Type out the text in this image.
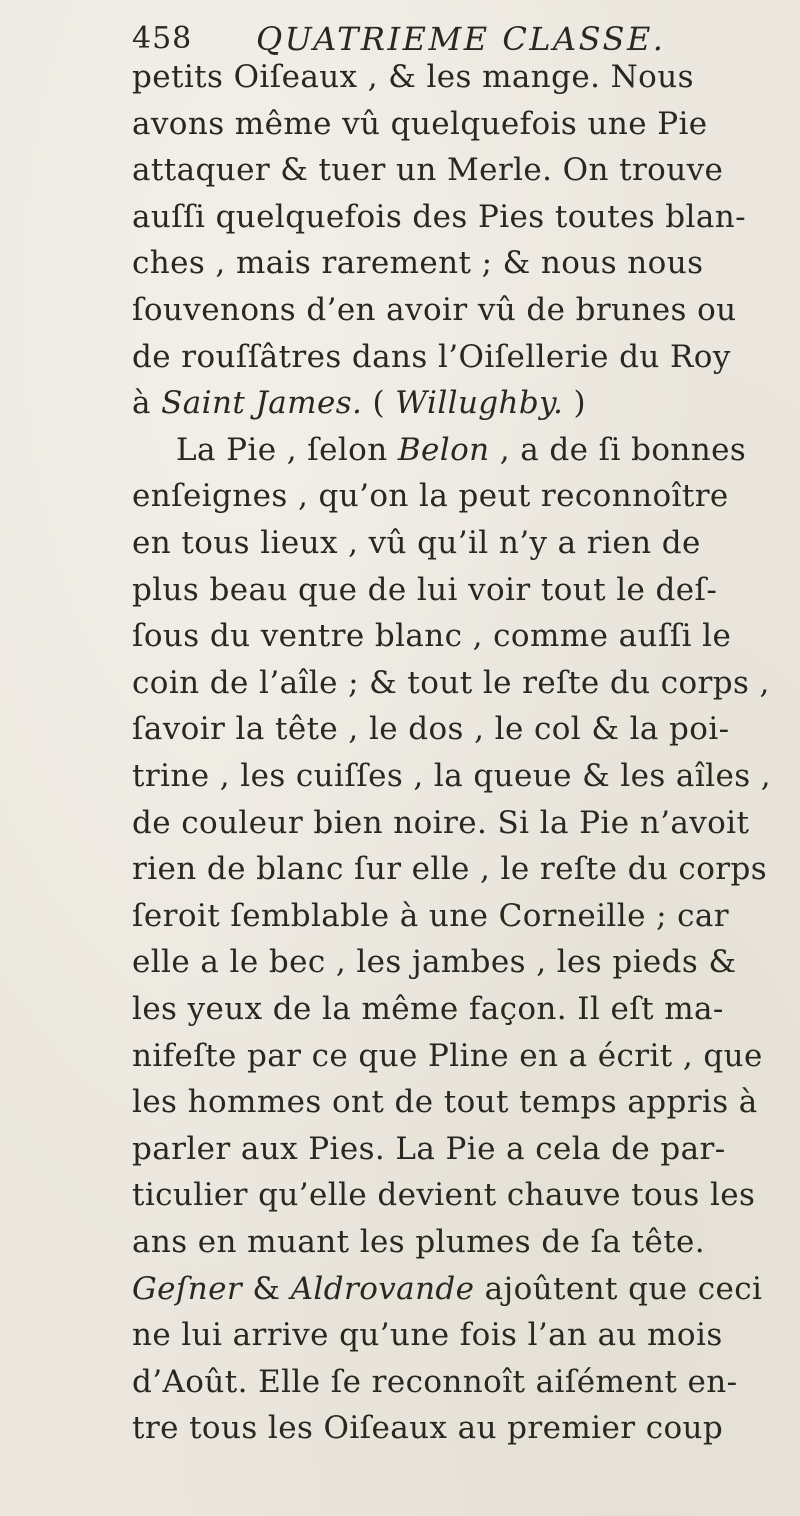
458 QUATRIEME CLASSE.
petits Oiſeaux , & les mange. Nous
avons même vû quelquefois une Pie
attaquer & tuer un Merle. On trouve
auſſi quelquefois des Pies toutes blan-
ches , mais rarement ; & nous nous
ſouvenons d’en avoir vû de brunes ou
de rouſſâtres dans l’Oiſellerie du Roy
à Saint James. ( Willughby. )
La Pie , ſelon Belon , a de ſi bonnes
enſeignes , qu’on la peut reconnoître
en tous lieux , vû qu’il n’y a rien de
plus beau que de lui voir tout le deſ-
ſous du ventre blanc , comme auſſi le
coin de l’aîle ; & tout le reſte du corps ,
ſavoir la tête , le dos , le col & la poi-
trine , les cuiſſes , la queue & les aîles ,
de couleur bien noire. Si la Pie n’avoit
rien de blanc ſur elle , le reſte du corps
ſeroit ſemblable à une Corneille ; car
elle a le bec , les jambes , les pieds &
les yeux de la même façon. Il eſt ma-
nifeſte par ce que Pline en a écrit , que
les hommes ont de tout temps appris à
parler aux Pies. La Pie a cela de par-
ticulier qu’elle devient chauve tous les
ans en muant les plumes de ſa tête.
Geſner & Aldrovande ajoûtent que ceci
ne lui arrive qu’une fois l’an au mois
d’Août. Elle ſe reconnoît aiſément en-
tre tous les Oiſeaux au premier coup
